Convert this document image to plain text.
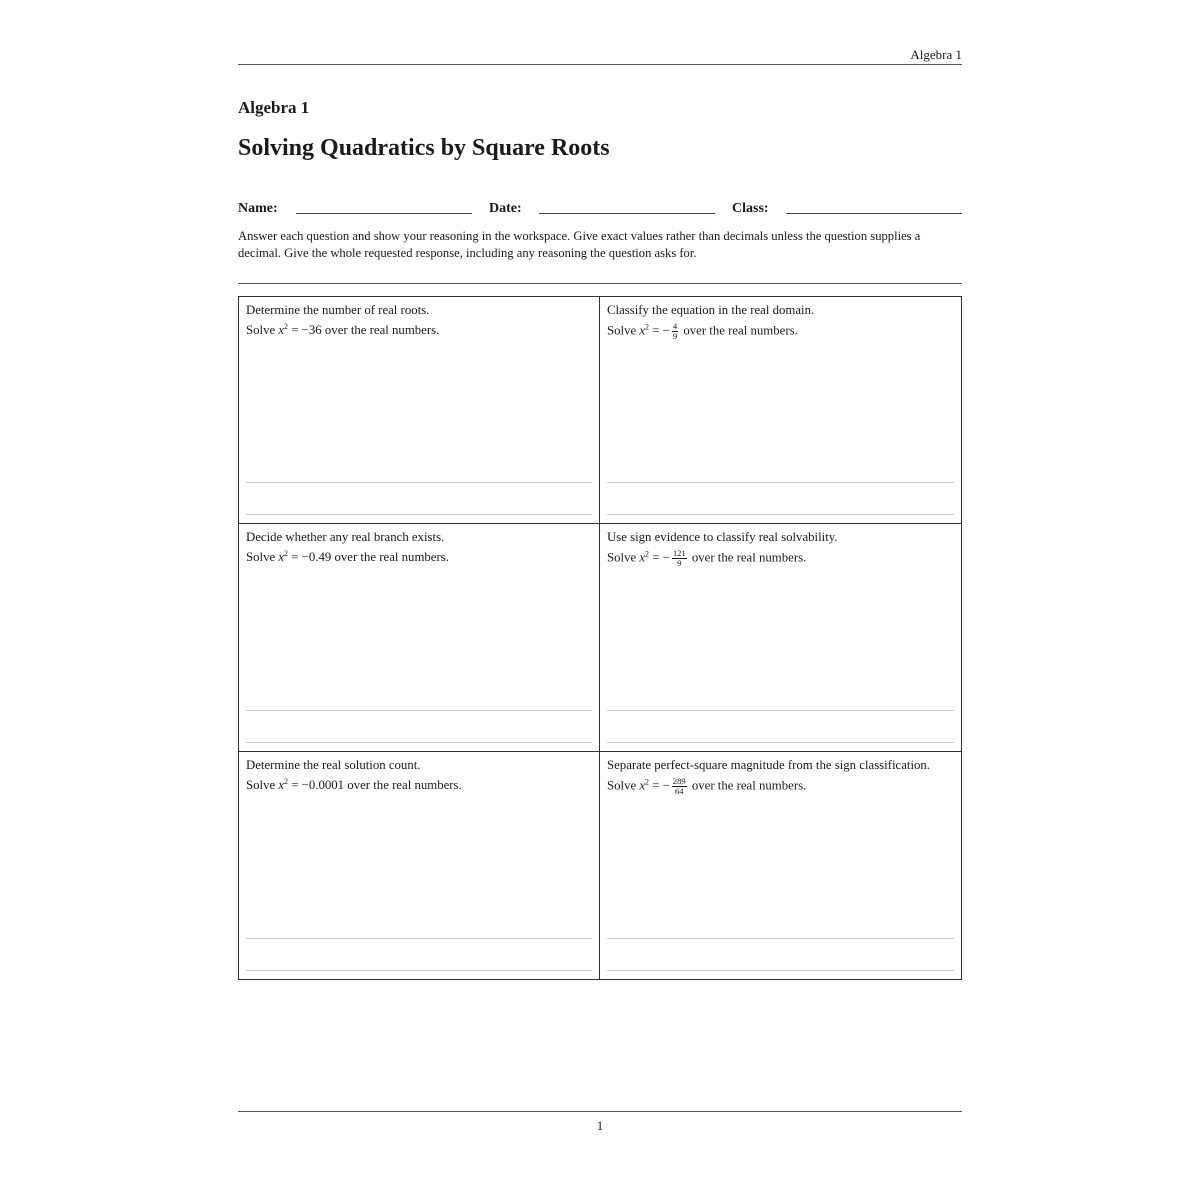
Algebra 1
Algebra 1
Solving Quadratics by Square Roots
Name:	Date:	Class:
Answer each question and show your reasoning in the workspace. Give exact values rather than decimals unless the question supplies a decimal. Give the whole requested response, including any reasoning the question asks for.
Determine the number of real roots.
Solve $x^2 = -36$ over the real numbers.
Classify the equation in the real domain.
Solve $x^2$ = − $\frac{4}{9}$ over the real numbers.
Decide whether any real branch exists.
Solve $x^2 = -0.49$ over the real numbers.
Use sign evidence to classify real solvability.
Solve $x^2$ = − $\frac{121}{9}$ over the real numbers.
Determine the real solution count.
Solve $x^2 = -0.0001$ over the real numbers.
Separate perfect-square magnitude from the sign classification.
Solve $x^2$ = − $\frac{289}{64}$ over the real numbers.
1
